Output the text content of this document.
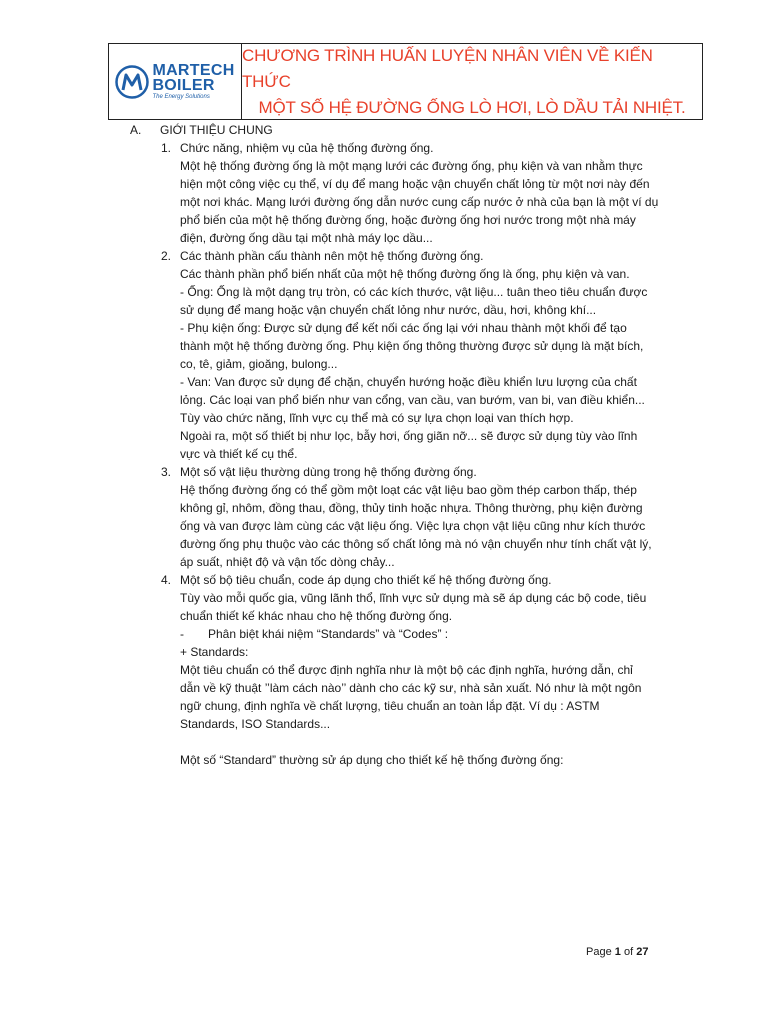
MARTECH
BOILER
The Energy Solutions
CHƯƠNG TRÌNH HUẤN LUYỆN NHÂN VIÊN VỀ KIẾN THỨC
MỘT SỐ HỆ ĐƯỜNG ỐNG LÒ HƠI, LÒ DẦU TẢI NHIỆT.
A.	GIỚI THIỆU CHUNG
1. Chức năng, nhiệm vụ của hệ thống đường ống.
Một hệ thống đường ống là một mạng lưới các đường ống, phụ kiện và van nhằm thực
hiện một công việc cụ thể, ví dụ để mang hoặc vận chuyển chất lỏng từ một nơi này đến
một nơi khác. Mạng lưới đường ống dẫn nước cung cấp nước ở nhà của bạn là một ví dụ
phổ biến của một hệ thống đường ống, hoặc đường ống hơi nước trong một nhà máy
điện, đường ống dầu tại một nhà máy lọc dầu...
2. Các thành phần cấu thành nên một hệ thống đường ống.
Các thành phần phổ biến nhất của một hệ thống đường ống là ống, phụ kiện và van.
- Ống: Ống là một dạng trụ tròn, có các kích thước, vật liệu... tuân theo tiêu chuẩn được
sử dụng để mang hoặc vận chuyển chất lỏng như nước, dầu, hơi, không khí...
- Phụ kiện ống: Được sử dụng để kết nối các ống lại với nhau thành một khối để tạo
thành một hệ thống đường ống. Phụ kiện ống thông thường được sử dụng là mặt bích,
co, tê, giảm, gioăng, bulong...
- Van: Van được sử dụng để chặn, chuyển hướng hoặc điều khiển lưu lượng của chất
lỏng. Các loại van phổ biến như van cổng, van cầu, van bướm, van bi, van điều khiển...
Tùy vào chức năng, lĩnh vực cụ thể mà có sự lựa chọn loại van thích hợp.
Ngoài ra, một số thiết bị như lọc, bẫy hơi, ống giãn nỡ... sẽ được sử dụng tùy vào lĩnh
vực và thiết kế cụ thể.
3. Một số vật liệu thường dùng trong hệ thống đường ống.
Hệ thống đường ống có thể gồm một loạt các vật liệu bao gồm thép carbon thấp, thép
không gỉ, nhôm, đồng thau, đồng, thủy tinh hoặc nhựa. Thông thường, phụ kiện đường
ống và van được làm cùng các vật liệu ống. Việc lựa chọn vật liệu cũng như kích thước
đường ống phụ thuộc vào các thông số chất lỏng mà nó vận chuyển như tính chất vật lý,
áp suất, nhiệt độ và vận tốc dòng chảy...
4. Một số bộ tiêu chuẩn, code áp dụng cho thiết kế hệ thống đường ống.
Tùy vào mỗi quốc gia, vũng lãnh thổ, lĩnh vực sử dụng mà sẽ áp dụng các bộ code, tiêu
chuẩn thiết kế khác nhau cho hệ thống đường ống.
- Phân biệt khái niệm “Standards” và “Codes” :
+ Standards:
Một tiêu chuẩn có thể được định nghĩa như là một bộ các định nghĩa, hướng dẫn, chỉ
dẫn về kỹ thuật ’’làm cách nào’’ dành cho các kỹ sư, nhà sản xuất. Nó như là một ngôn
ngữ chung, định nghĩa về chất lượng, tiêu chuẩn an toàn lắp đặt. Ví dụ : ASTM
Standards, ISO Standards...
Một số “Standard” thường sử áp dụng cho thiết kế hệ thống đường ống:
Page 1 of 27
